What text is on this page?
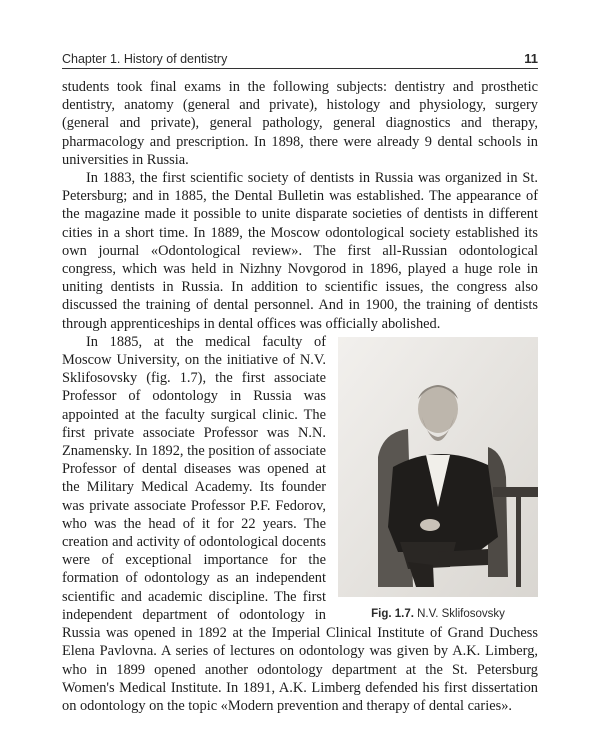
Chapter 1. History of dentistry	11

students took final exams in the following subjects: dentistry and prosthetic dentistry, anatomy (general and private), histology and physiology, surgery (general and private), general pathology, general diagnostics and therapy, pharmacology and prescription. In 1898, there were already 9 dental schools in universities in Russia.

In 1883, the first scientific society of dentists in Russia was organized in St. Petersburg; and in 1885, the Dental Bulletin was established. The appearance of the magazine made it possible to unite disparate societies of dentists in different cities in a short time. In 1889, the Moscow odontological society established its own journal «Odontological review». The first all-Russian odontological congress, which was held in Nizhny Novgorod in 1896, played a huge role in uniting dentists in Russia. In addition to scientific issues, the congress also discussed the training of dental personnel. And in 1900, the training of dentists through apprenticeships in dental offices was officially abolished.

Fig. 1.7. N.V. Sklifosovsky

In 1885, at the medical faculty of Moscow University, on the initiative of N.V. Sklifosovsky (fig. 1.7), the first associate Professor of odontology in Russia was appointed at the faculty surgical clinic. The first private associate Professor was N.N. Znamensky. In 1892, the position of associate Professor of dental diseases was opened at the Military Medical Academy. Its founder was private associate Professor P.F. Fedorov, who was the head of it for 22 years. The creation and activity of odontological docents were of exceptional importance for the formation of odontology as an independent scientific and academic discipline. The first independent department of odontology in Russia was opened in 1892 at the Imperial Clinical Institute of Grand Duchess Elena Pavlovna. A series of lectures on odontology was given by A.K. Limberg, who in 1899 opened another odontology department at the St. Petersburg Women's Medical Institute. In 1891, A.K. Limberg defended his first dissertation on odontology on the topic «Modern prevention and therapy of dental caries».
